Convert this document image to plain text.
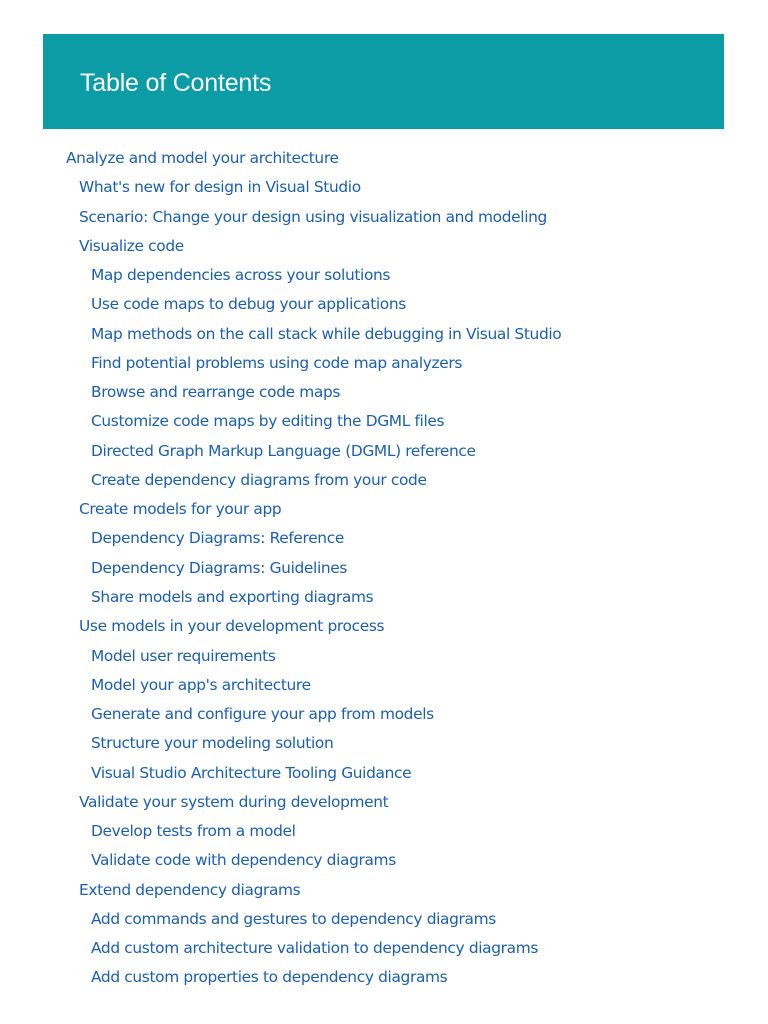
Table of Contents
Analyze and model your architecture
What's new for design in Visual Studio
Scenario: Change your design using visualization and modeling
Visualize code
Map dependencies across your solutions
Use code maps to debug your applications
Map methods on the call stack while debugging in Visual Studio
Find potential problems using code map analyzers
Browse and rearrange code maps
Customize code maps by editing the DGML files
Directed Graph Markup Language (DGML) reference
Create dependency diagrams from your code
Create models for your app
Dependency Diagrams: Reference
Dependency Diagrams: Guidelines
Share models and exporting diagrams
Use models in your development process
Model user requirements
Model your app's architecture
Generate and configure your app from models
Structure your modeling solution
Visual Studio Architecture Tooling Guidance
Validate your system during development
Develop tests from a model
Validate code with dependency diagrams
Extend dependency diagrams
Add commands and gestures to dependency diagrams
Add custom architecture validation to dependency diagrams
Add custom properties to dependency diagrams
